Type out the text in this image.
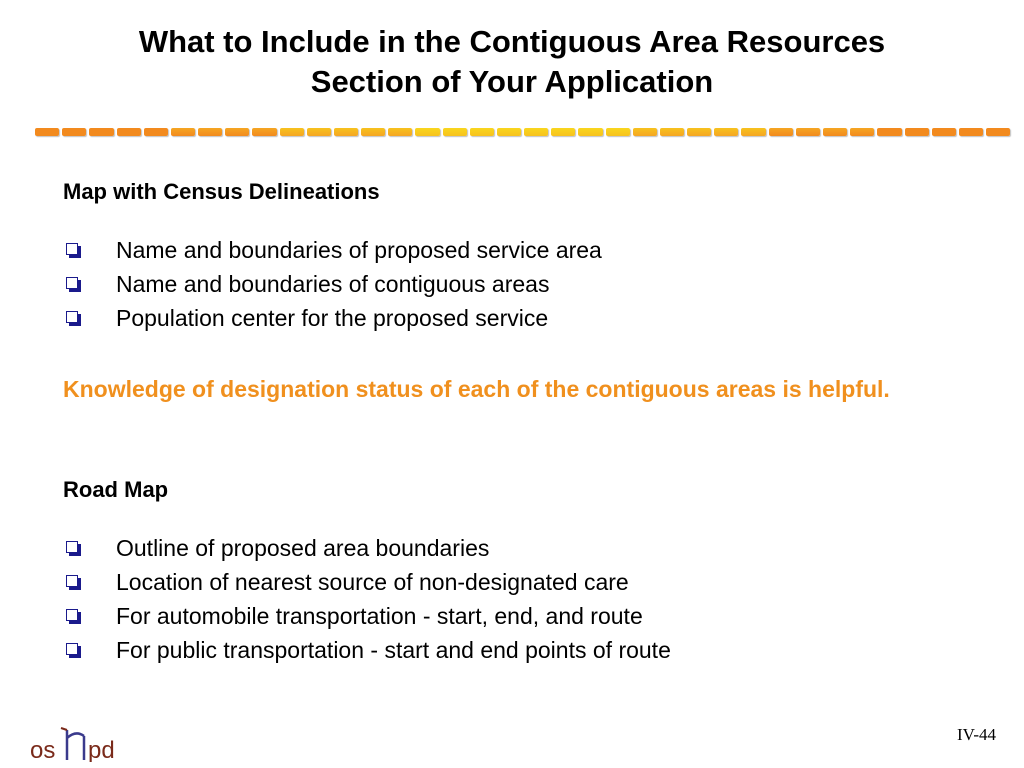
What to Include in the Contiguous Area Resources
Section of Your Application
Map with Census Delineations
Name and boundaries of proposed service area
Name and boundaries of contiguous areas
Population center for the proposed service
Knowledge of designation status of each of the contiguous areas is helpful.
Road Map
Outline of proposed area boundaries
Location of nearest source of non-designated care
For automobile transportation - start, end, and route
For public transportation - start and end points of route
os pd
IV-44
